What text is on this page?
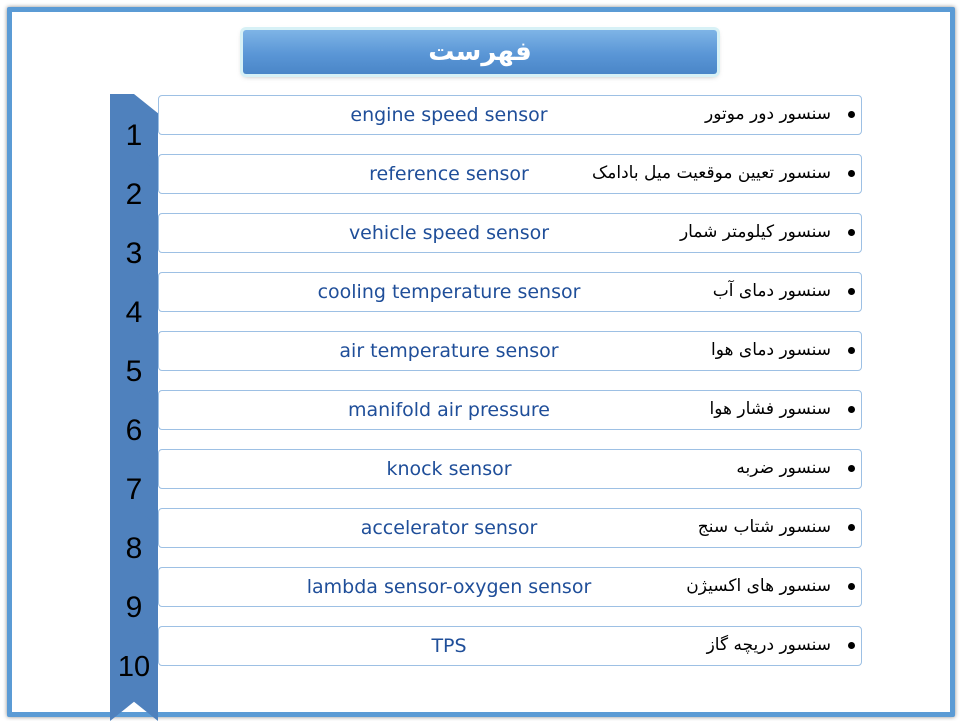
فهرست
1
engine speed sensor	سنسور دور موتور
2
reference sensor	سنسور تعیین موقعیت میل بادامک
3
vehicle speed sensor	سنسور کیلومتر شمار
4
cooling temperature sensor	سنسور دمای آب
5
air temperature sensor	سنسور دمای هوا
6
manifold air pressure	سنسور فشار هوا
7
knock sensor	سنسور ضربه
8
accelerator sensor	سنسور شتاب سنج
9
lambda sensor-oxygen sensor	سنسور های اکسیژن
10
TPS	سنسور دریچه گاز
